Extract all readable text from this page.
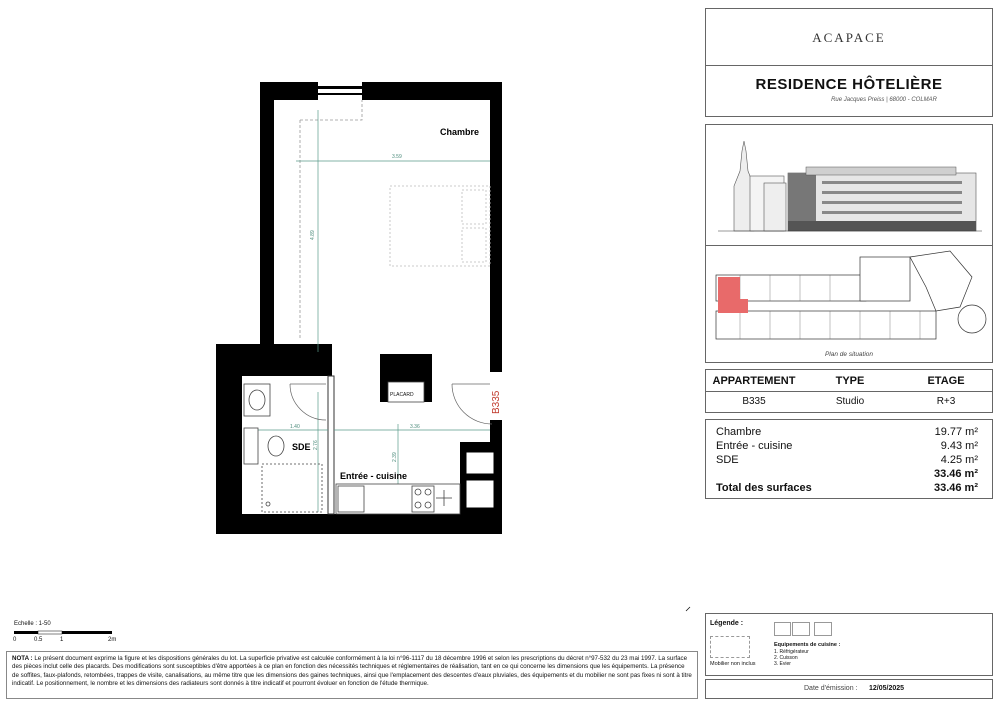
3.59
4.89
1.40
2.76
3.36
2.39
PLACARD
Chambre
SDE
Entrée - cuisine
B335
Echelle : 1-50
0	0.5	1	2m
NOTA : Le présent document exprime la figure et les dispositions générales du lot. La superficie privative est calculée conformément à la loi n°96-1117 du 18 décembre 1996 et selon les prescriptions du décret n°97-532 du 23 mai 1997. La surface des pièces inclut celle des placards. Des modifications sont susceptibles d'être apportées à ce plan en fonction des nécessités techniques et réglementaires de réalisation, tant en ce qui concerne les dimensions que les équipements. La présence de soffites, faux-plafonds, retombées, trappes de visite, canalisations, au même titre que les dimensions des gaines techniques, ainsi que l'emplacement des descentes d'eaux pluviales, des équipements et du mobilier ne sont pas fixes ni sont à titre indicatif. Le positionnement, le nombre et les dimensions des radiateurs sont donnés à titre indicatif et pourront évoluer en fonction de l'étude thermique.
ACAPACE
RESIDENCE HÔTELIÈRE
Rue Jacques Preiss | 68000 - COLMAR
Plan de situation
APPARTEMENT	TYPE	ETAGE
B335	Studio	R+3
Chambre	19.77 m²
Entrée - cuisine	9.43 m²
SDE	4.25 m²
33.46 m²
Total des surfaces	33.46 m²
Légende :
Mobilier non inclus
Equipements de cuisine :
1. Réfrigérateur
2. Cuisson
3. Evier
Date d'émission : 12/05/2025
